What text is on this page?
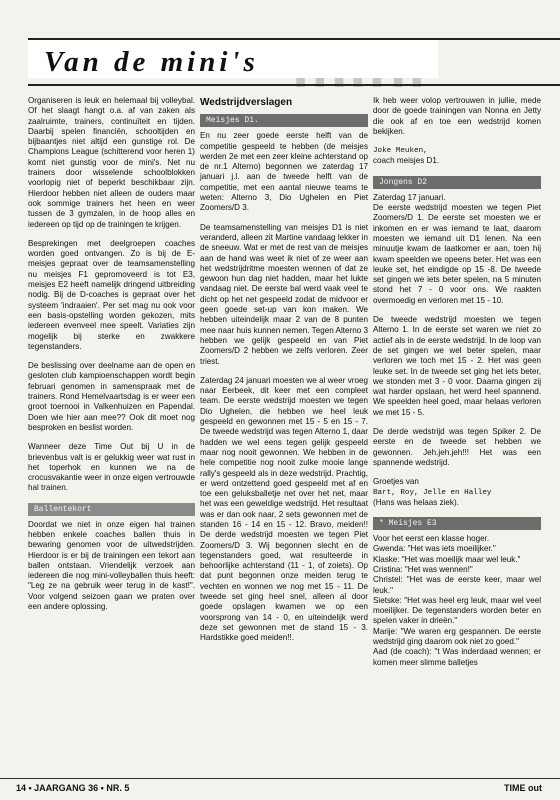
Van de mini's

Organiseren is leuk en helemaal bij volleybal. Of het slaagt hangt o.a. af van zaken als zaalruimte, trainers, continuïteit en tijden. Daarbij spelen financiën, schooltijden en bijbaantjes niet altijd een gunstige rol. De Champions League (schitterend voor heren 1) komt niet gunstig voor de mini's. Net nu trainers door wisselende schoolblokken voorlopig niet of beperkt beschikbaar zijn. Hierdoor hebben niet alleen de ouders maar ook sommige trainers het heen en weer tussen de 3 gymzalen, in de hoop alles en iedereen op tijd op de trainingen te krijgen.

Besprekingen met deelgroepen coaches worden goed ontvangen. Zo is bij de E-meisjes gepraat over de teamsamenstelling nu meisjes F1 gepromoveerd is tot E3, meisjes E2 heeft namelijk dringend uitbreiding nodig. Bij de D-coaches is gepraat over het systeem 'indraaien'. Per set mag nu ook voor een basis-opstelling worden gekozen, mits iedereen evenveel mee speelt. Variaties zijn mogelijk bij sterke en zwakkere tegenstanders.

De beslissing over deelname aan de open en gesloten club kampioenschappen wordt begin februari genomen in samenspraak met de trainers. Rond Hemelvaartsdag is er weer een groot toernooi in Valkenhuizen en Papendal. Doen wie hier aan mee?? Ook dit moet nog besproken en beslist worden.

Wanneer deze Time Out bij U in de brievenbus valt is er gelukkig weer wat rust in het toperhok en kunnen we na de crocusvakantie weer in onze eigen vertrouwde hal trainen.

Ballentekort

Doordat we niet in onze eigen hal trainen hebben enkele coaches ballen thuis in bewaring genomen voor de uitwedstrijden. Hierdoor is er bij de trainingen een tekort aan ballen ontstaan. Vriendelijk verzoek aan iedereen die nog mini-volleyballen thuis heeft: "Leg ze na gebruik weer terug in de kast!". Voor volgend seizoen gaan we praten over een andere oplossing.

Wedstrijdverslagen
Meisjes D1.

En nu zeer goede eerste helft van de competitie gespeeld te hebben (de meisjes werden 2e met een zeer kleine achterstand op de nr.1 Alterno) begonnen we zaterdag 17 januari j.l. aan de tweede helft van de competitie, met een aantal nieuwe teams te weten: Alterno 3, Dio Ughelen en Piet Zoomers/D 3.

De teamsamenstelling van meisjes D1 is niet veranderd, alleen zit Martine vandaag lekker in de sneeuw. Wat er met de rest van de meisjes aan de hand was weet ik niet of ze weer aan het wedstrijdritme moesten wennen of dat ze gewoon hun dag niet hadden, maar het lukte vandaag niet. De eerste bal werd vaak veel te dicht op het net gespeeld zodat de midvoor er geen goede set-up van kon maken. We hebben uiteindelijk maar 2 van de 8 punten mee naar huis kunnen nemen. Tegen Alterno 3 hebben we gelijk gespeeld en van Piet Zoomers/D 2 hebben we zelfs verloren. Zeer triest.

Zaterdag 24 januari moesten we al weer vroeg naar Eerbeek, dit keer met een compleet team. De eerste wedstrijd moesten we tegen Dio Ughelen, die hebben we heel leuk gespeeld en gewonnen met 15 - 5 en 15 - 7. De tweede wedstrijd was tegen Alterno 1, daar hadden we wel eens tegen gelijk gespeeld maar nog nooit gewonnen. We hebben in de hele competitie nog nooit zulke mooie lange rally's gespeeld als in deze wedstrijd. Prachtig, er werd ontzettend goed gespeeld met af en toe een geluksballetje net over het net, maar het was een geweldige wedstrijd. Het resultaat was er dan ook naar, 2 sets gewonnen met de standen 16 - 14 en 15 - 12. Bravo, meiden!! De derde wedstrijd moesten we tegen Piet Zoomers/D 3. Wij begonnen slecht en de tegenstanders goed, wat resulteerde in behoorlijke achterstand (11 - 1, of zoiets). Op dat punt begonnen onze meiden terug te vechten en wonnen we nog met 15 - 11. De tweede set ging heel snel, alleen al door goede opslagen kwamen we op een voorsprong van 14 - 0, en uiteindelijk werd deze set gewonnen met de stand 15 - 3. Hardstikke goed meiden!!.

Ik heb weer volop vertrouwen in jullie, mede door de goede trainingen van Nonna en Jetty die ook af en toe een wedstrijd komen bekijken.

Joke Meuken,

coach meisjes D1.

Jongens D2
Zaterdag 17 januari.

De eerste wedstrijd moesten we tegen Piet Zoomers/D 1. De eerste set moesten we er inkomen en er was iemand te laat, daarom moesten we iemand uit D1 lenen. Na een minuutje kwam de laatkomer er aan, toen hij kwam speelden we opeens beter. Het was een leuke set, het eindigde op 15 -8. De tweede set gingen we iets beter spelen, na 5 minuten stond het 7 - 0 voor ons. We raakten overmoedig en verloren met 15 - 10.

De tweede wedstrijd moesten we tegen Alterno 1. In de eerste set waren we niet zo actief als in de eerste wedstrijd. In de loop van de set gingen we wel beter spelen, maar verloren we toch met 15 - 2. Het was geen leuke set. In de tweede set ging het iets beter, we stonden met 3 - 0 voor. Daarna gingen zij wat harder opslaan, het werd heel spannend. We speelden heel goed, maar helaas verloren we met 15 - 5.

De derde wedstrijd was tegen Spiker 2. De eerste en de tweede set hebben we gewonnen. Jeh.jeh.jeh!!! Het was een spannende wedstrijd.

Groetjes van
Bart, Roy, Jelle en Halley

(Hans was helaas ziek).

* Meisjes E3
Voor het eerst een klasse hoger.
Gwenda: "Het was iets moeilijker."
Klaske: "Het was moeilijk maar wel leuk."
Cristina: "Het was wennen!"
Christel: "Het was de eerste keer, maar wel leuk."
Sietske: "Het was heel erg leuk, maar wel veel moeilijker. De tegenstanders worden beter en spelen vaker in drieën."
Marije: "We waren erg gespannen. De eerste wedstrijd ging daarom ook niet zo goed."
Aad (de coach): "t Was inderdaad wennen; er komen meer slimme balletjes
14 • JAARGANG 36 • NR. 5	TIME out
